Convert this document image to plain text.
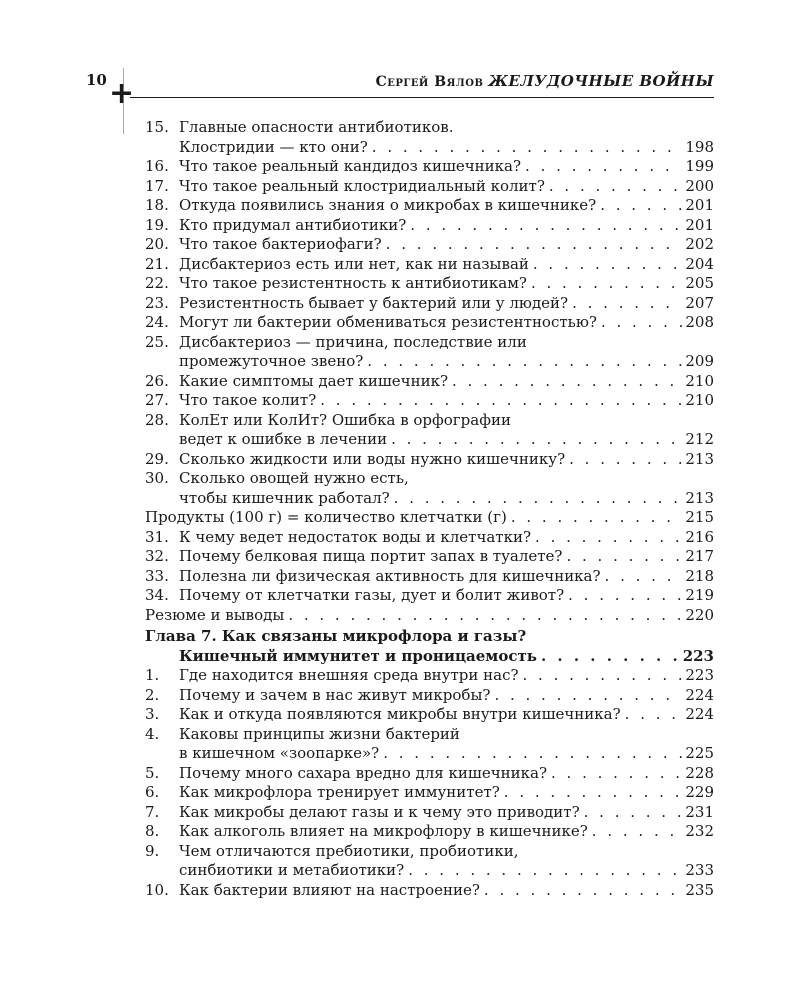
10	Сергей Вялов ЖЕЛУДОЧНЫЕ ВОЙНЫ
+
15. Главные опасности антибиотиков.
Клостридии — кто они? . . .	198
16. Что такое реальный кандидоз кишечника? . . .	199
17. Что такое реальный клостридиальный колит? . . .	200
18. Откуда появились знания о микробах в кишечнике? . . .	201
19. Кто придумал антибиотики? . . .	201
20. Что такое бактериофаги? . . .	202
21. Дисбактериоз есть или нет, как ни называй . . .	204
22. Что такое резистентность к антибиотикам? . . .	205
23. Резистентность бывает у бактерий или у людей? . . .	207
24. Могут ли бактерии обмениваться резистентностью? . . .	208
25. Дисбактериоз — причина, последствие или
промежуточное звено? . . .	209
26. Какие симптомы дает кишечник? . . .	210
27. Что такое колит? . . .	210
28. КолЕт или КолИт? Ошибка в орфографии
ведет к ошибке в лечении . . .	212
29. Сколько жидкости или воды нужно кишечнику? . . .	213
30. Сколько овощей нужно есть,
чтобы кишечник работал? . . .	213
Продукты (100 г) = количество клетчатки (г) . . .	215
31. К чему ведет недостаток воды и клетчатки? . . .	216
32. Почему белковая пища портит запах в туалете? . . .	217
33. Полезна ли физическая активность для кишечника? . . .	218
34. Почему от клетчатки газы, дует и болит живот? . . .	219
Резюме и выводы . . .	220
Глава 7. Как связаны микрофлора и газы?
Кишечный иммунитет и проницаемость . . .	223
1.	Где находится внешняя среда внутри нас? . . .	223
2.	Почему и зачем в нас живут микробы? . . .	224
3.	Как и откуда появляются микробы внутри кишечника? . . .	224
4.	Каковы принципы жизни бактерий
в кишечном «зоопарке»? . . .	225
5.	Почему много сахара вредно для кишечника? . . .	228
6.	Как микрофлора тренирует иммунитет? . . .	229
7.	Как микробы делают газы и к чему это приводит? . . .	231
8.	Как алкоголь влияет на микрофлору в кишечнике? . . .	232
9.	Чем отличаются пребиотики, пробиотики,
синбиотики и метабиотики? . . .	233
10. Как бактерии влияют на настроение? . . .	235
